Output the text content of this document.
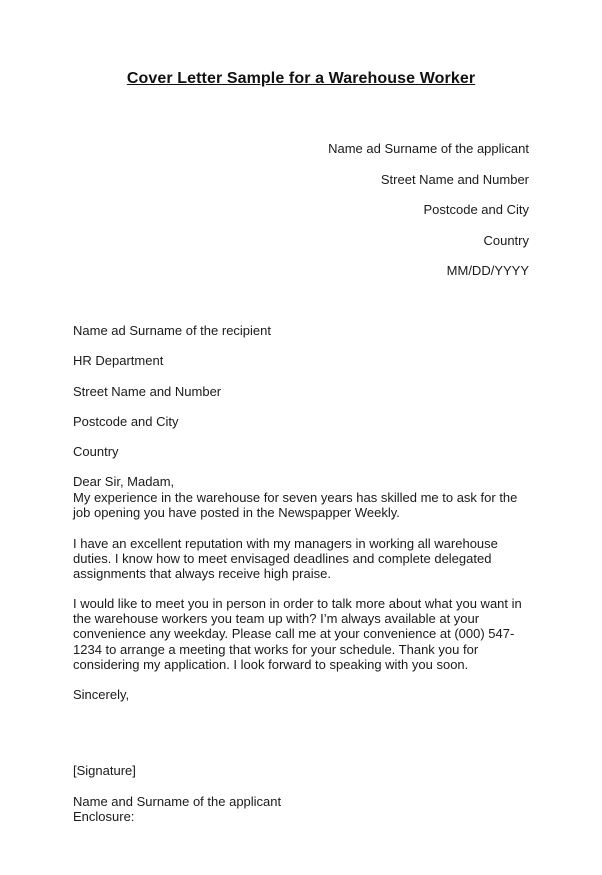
Cover Letter Sample for a Warehouse Worker
Name ad Surname of the applicant
Street Name and Number
Postcode and City
Country
MM/DD/YYYY
Name ad Surname of the recipient
HR Department
Street Name and Number
Postcode and City
Country
Dear Sir, Madam,

My experience in the warehouse for seven years has skilled me to ask for the

job opening you have posted in the Newspapper Weekly.

I have an excellent reputation with my managers in working all warehouse

duties. I know how to meet envisaged deadlines and complete delegated

assignments that always receive high praise.

I would like to meet you in person in order to talk more about what you want in

the warehouse workers you team up with? I’m always available at your

convenience any weekday. Please call me at your convenience at (000) 547-

1234 to arrange a meeting that works for your schedule. Thank you for

considering my application. I look forward to speaking with you soon.

Sincerely,
[Signature]
Name and Surname of the applicant
Enclosure:
